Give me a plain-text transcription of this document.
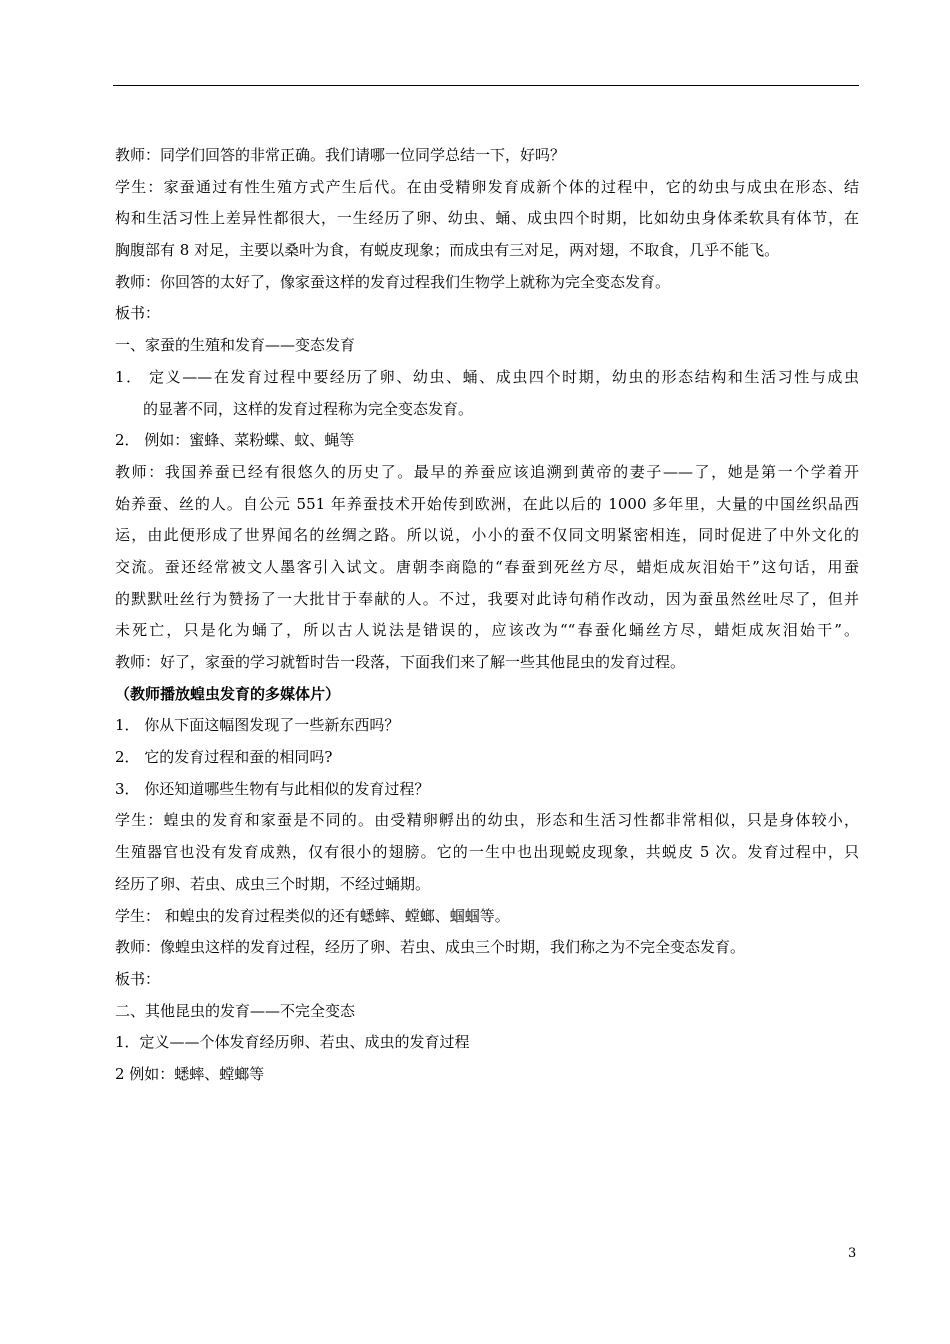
教师：同学们回答的非常正确。我们请哪一位同学总结一下，好吗？
学生：家蚕通过有性生殖方式产生后代。在由受精卵发育成新个体的过程中，它的幼虫与成虫在形态、结
构和生活习性上差异性都很大，一生经历了卵、幼虫、蛹、成虫四个时期，比如幼虫身体柔软具有体节，在
胸腹部有 8 对足，主要以桑叶为食，有蜕皮现象；而成虫有三对足，两对翅，不取食，几乎不能飞。
教师：你回答的太好了，像家蚕这样的发育过程我们生物学上就称为完全变态发育。
板书：
一、家蚕的生殖和发育——变态发育
1． 定义——在发育过程中要经历了卵、幼虫、蛹、成虫四个时期，幼虫的形态结构和生活习性与成虫
的显著不同，这样的发育过程称为完全变态发育。
2． 例如：蜜蜂、菜粉蝶、蚊、蝇等
教师：我国养蚕已经有很悠久的历史了。最早的养蚕应该追溯到黄帝的妻子——了，她是第一个学着开
始养蚕、丝的人。自公元 551 年养蚕技术开始传到欧洲，在此以后的 1000 多年里，大量的中国丝织品西
运，由此便形成了世界闻名的丝绸之路。所以说，小小的蚕不仅同文明紧密相连，同时促进了中外文化的
交流。蚕还经常被文人墨客引入试文。唐朝李商隐的“春蚕到死丝方尽，蜡炬成灰泪始干”这句话，用蚕
的默默吐丝行为赞扬了一大批甘于奉献的人。不过，我要对此诗句稍作改动，因为蚕虽然丝吐尽了，但并
未死亡，只是化为蛹了，所以古人说法是错误的，应该改为““春蚕化蛹丝方尽，蜡炬成灰泪始干”。
教师：好了，家蚕的学习就暂时告一段落，下面我们来了解一些其他昆虫的发育过程。
（教师播放蝗虫发育的多媒体片）
1． 你从下面这幅图发现了一些新东西吗？
2． 它的发育过程和蚕的相同吗?
3． 你还知道哪些生物有与此相似的发育过程？
学生：蝗虫的发育和家蚕是不同的。由受精卵孵出的幼虫，形态和生活习性都非常相似，只是身体较小，
生殖器官也没有发育成熟，仅有很小的翅膀。它的一生中也出现蜕皮现象，共蜕皮 5 次。发育过程中，只
经历了卵、若虫、成虫三个时期，不经过蛹期。
学生： 和蝗虫的发育过程类似的还有蟋蟀、螳螂、蝈蝈等。
教师：像蝗虫这样的发育过程，经历了卵、若虫、成虫三个时期，我们称之为不完全变态发育。
板书：
二、其他昆虫的发育——不完全变态
1．定义——个体发育经历卵、若虫、成虫的发育过程
2 例如：蟋蟀、螳螂等
3
